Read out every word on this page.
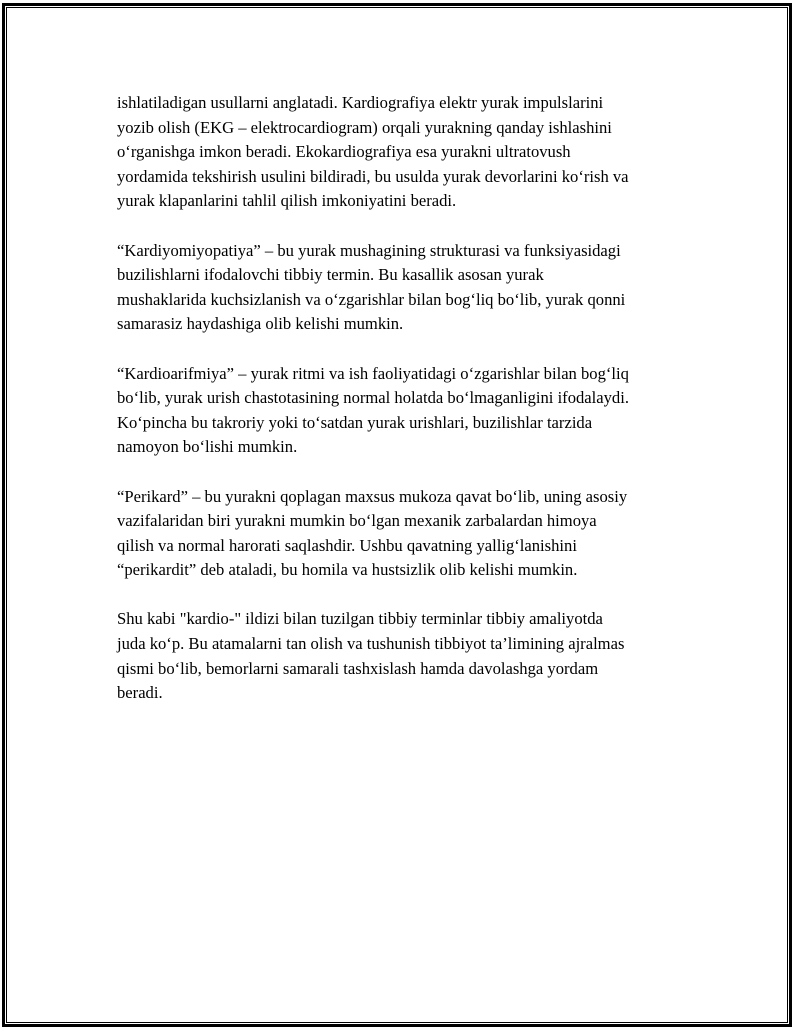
ishlatiladigan usullarni anglatadi. Kardiografiya elektr yurak impulslarini
yozib olish (EKG – elektrocardiogram) orqali yurakning qanday ishlashini
o‘rganishga imkon beradi. Ekokardiografiya esa yurakni ultratovush
yordamida tekshirish usulini bildiradi, bu usulda yurak devorlarini ko‘rish va
yurak klapanlarini tahlil qilish imkoniyatini beradi.

“Kardiyomiyopatiya” – bu yurak mushagining strukturasi va funksiyasidagi
buzilishlarni ifodalovchi tibbiy termin. Bu kasallik asosan yurak
mushaklarida kuchsizlanish va o‘zgarishlar bilan bog‘liq bo‘lib, yurak qonni
samarasiz haydashiga olib kelishi mumkin.

“Kardioarifmiya” – yurak ritmi va ish faoliyatidagi o‘zgarishlar bilan bog‘liq
bo‘lib, yurak urish chastotasining normal holatda bo‘lmaganligini ifodalaydi.
Ko‘pincha bu takroriy yoki to‘satdan yurak urishlari, buzilishlar tarzida
namoyon bo‘lishi mumkin.

“Perikard” – bu yurakni qoplagan maxsus mukoza qavat bo‘lib, uning asosiy
vazifalaridan biri yurakni mumkin bo‘lgan mexanik zarbalardan himoya
qilish va normal harorati saqlashdir. Ushbu qavatning yallig‘lanishini
“perikardit” deb ataladi, bu homila va hustsizlik olib kelishi mumkin.

Shu kabi "kardio-" ildizi bilan tuzilgan tibbiy terminlar tibbiy amaliyotda
juda ko‘p. Bu atamalarni tan olish va tushunish tibbiyot ta’limining ajralmas
qismi bo‘lib, bemorlarni samarali tashxislash hamda davolashga yordam
beradi.
